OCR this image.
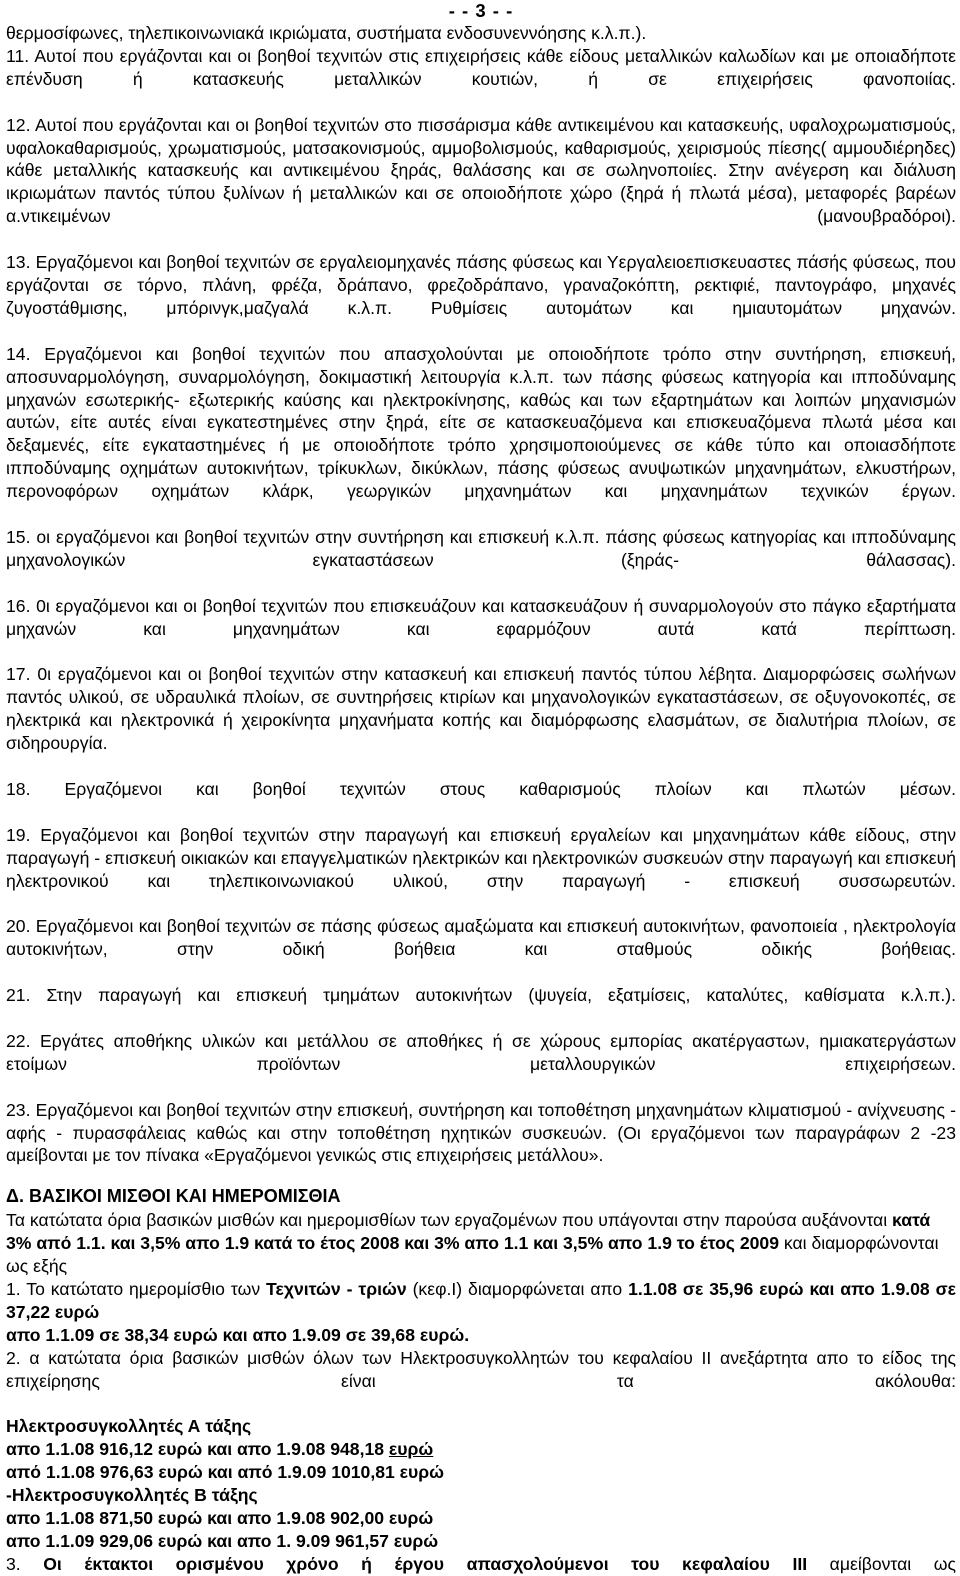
- - 3 - -

θερμοσίφωνες, τηλεπικοινωνιακά ικριώματα, συστήματα ενδοσυνεννόησης κ.λ.π.).

11. Αυτοί που εργάζονται και οι βοηθοί τεχνιτών στις επιχειρήσεις κάθε είδους μεταλλικών καλωδίων και με οποιαδήποτε επένδυση ή κατασκευής μεταλλικών κουτιών, ή σε επιχειρήσεις φανοποιίας.

12. Αυτοί που εργάζονται και οι βοηθοί τεχνιτών στο πισσάρισμα κάθε αντικειμένου και κατασκευής, υφαλοχρωματισμούς, υφαλοκαθαρισμούς, χρωματισμούς, ματσακονισμούς, αμμοβολισμούς, καθαρισμούς, χειρισμούς πίεσης( αμμουδιέρηδες) κάθε μεταλλικής κατασκευής και αντικειμένου ξηράς, θαλάσσης και σε σωληνοποιίες. Στην ανέγερση και διάλυση ικριωμάτων παντός τύπου ξυλίνων ή μεταλλικών και σε οποιοδήποτε χώρο (ξηρά ή πλωτά μέσα), μεταφορές βαρέων α.ντικειμένων (μανουβραδόροι).

13. Εργαζόμενοι και βοηθοί τεχνιτών σε εργαλειομηχανές πάσης φύσεως και Υεργαλειοεπισκευαστες πάσής φύσεως, που εργάζονται σε τόρνο, πλάνη, φρέζα, δράπανο, φρεζοδράπανο, γραναζοκόπτη, ρεκτιφιέ, παντογράφο, μηχανές ζυγοστάθμισης, μπόρινγκ,μαζγαλά κ.λ.π. Ρυθμίσεις αυτομάτων και ημιαυτομάτων μηχανών.

14. Εργαζόμενοι και βοηθοί τεχνιτών που απασχολούνται με οποιοδήποτε τρόπο στην συντήρηση, επισκευή, αποσυναρμολόγηση, συναρμολόγηση, δοκιμαστική λειτουργία κ.λ.π. των πάσης φύσεως κατηγορία και ιπποδύναμης μηχανών εσωτερικής- εξωτερικής καύσης και ηλεκτροκίνησης, καθώς και των εξαρτημάτων και λοιπών μηχανισμών αυτών, είτε αυτές είναι εγκατεστημένες στην ξηρά, είτε σε κατασκευαζόμενα και επισκευαζόμενα πλωτά μέσα και δεξαμενές, είτε εγκαταστημένες ή με οποιοδήποτε τρόπο χρησιμοποιούμενες σε κάθε τύπο και οποιασδήποτε ιπποδύναμης οχημάτων αυτοκινήτων, τρίκυκλων, δικύκλων, πάσης φύσεως ανυψωτικών μηχανημάτων, ελκυστήρων, περονοφόρων οχημάτων κλάρκ, γεωργικών μηχανημάτων και μηχανημάτων τεχνικών έργων.

15. οι εργαζόμενοι και βοηθοί τεχνιτών στην συντήρηση και επισκευή κ.λ.π. πάσης φύσεως κατηγορίας και ιπποδύναμης μηχανολογικών εγκαταστάσεων (ξηράς- θάλασσας).

16. 0ι εργαζόμενοι και οι βοηθοί τεχνιτών που επισκευάζουν και κατασκευάζουν ή συναρμολογούν στο πάγκο εξαρτήματα μηχανών και μηχανημάτων και εφαρμόζουν αυτά κατά περίπτωση.

17. 0ι εργαζόμενοι και οι βοηθοί τεχνιτών στην κατασκευή και επισκευή παντός τύπου λέβητα. Διαμορφώσεις σωλήνων παντός υλικού, σε υδραυλικά πλοίων, σε συντηρήσεις κτιρίων και μηχανολογικών εγκαταστάσεων, σε οξυγονοκοπές, σε ηλεκτρικά και ηλεκτρονικά ή χειροκίνητα μηχανήματα κοπής και διαμόρφωσης ελασμάτων, σε διαλυτήρια πλοίων, σε σιδηρουργία.

18. Εργαζόμενοι και βοηθοί τεχνιτών στους καθαρισμούς πλοίων και πλωτών μέσων.

19. Εργαζόμενοι και βοηθοί τεχνιτών στην παραγωγή και επισκευή εργαλείων και μηχανημάτων κάθε είδους, στην παραγωγή - επισκευή οικιακών και επαγγελματικών ηλεκτρικών και ηλεκτρονικών συσκευών στην παραγωγή και επισκευή ηλεκτρονικού και τηλεπικοινωνιακού υλικού, στην παραγωγή - επισκευή συσσωρευτών.

20. Εργαζόμενοι και βοηθοί τεχνιτών σε πάσης φύσεως αμαξώματα και επισκευή αυτοκινήτων, φανοποιεία , ηλεκτρολογία αυτοκινήτων, στην οδική βοήθεια και σταθμούς οδικής βοήθειας.

21. Στην παραγωγή και επισκευή τμημάτων αυτοκινήτων (ψυγεία, εξατμίσεις, καταλύτες, καθίσματα κ.λ.π.).

22. Εργάτες αποθήκης υλικών και μετάλλου σε αποθήκες ή σε χώρους εμπορίας ακατέργαστων, ημιακατεργάστων ετοίμων προϊόντων μεταλλουργικών επιχειρήσεων.

23. Εργαζόμενοι και βοηθοί τεχνιτών στην επισκευή, συντήρηση και τοποθέτηση μηχανημάτων κλιματισμού - ανίχνευσης - αφής - πυρασφάλειας καθώς και στην τοποθέτηση ηχητικών συσκευών. (Οι εργαζόμενοι των παραγράφων 2 -23 αμείβονται με τον πίνακα «Εργαζόμενοι γενικώς στις επιχειρήσεις μετάλλου».

Δ. ΒΑΣΙΚΟΙ ΜΙΣΘΟΙ ΚΑΙ ΗΜΕΡΟΜΙΣΘΙΑ

Τα κατώτατα όρια βασικών μισθών και ημερομισθίων των εργαζομένων που υπάγονται στην παρούσα αυξάνονται κατά 3% από 1.1. και 3,5% απο 1.9 κατά το έτος 2008 και 3% απο 1.1 και 3,5% απο 1.9 το έτος 2009 και διαμορφώνονται ως εξής

1. Το κατώτατο ημερομίσθιο των Τεχνιτών - τριών (κεφ.Ι) διαμορφώνεται απο 1.1.08 σε 35,96 ευρώ και απο 1.9.08 σε 37,22 ευρώ

απο 1.1.09 σε 38,34 ευρώ και απο 1.9.09 σε 39,68 ευρώ.

2. α κατώτατα όρια βασικών μισθών όλων των Ηλεκτροσυγκολλητών του κεφαλαίου ΙΙ ανεξάρτητα απο το είδος της επιχείρησης είναι τα ακόλουθα:

Ηλεκτροσυγκολλητές Α τάξης

απο 1.1.08 916,12 ευρώ και απο 1.9.08 948,18 ευρώ

από 1.1.08 976,63 ευρώ και από 1.9.09 1010,81 ευρώ

-Ηλεκτροσυγκολλητές Β τάξης

απο 1.1.08 871,50 ευρώ και απο 1.9.08 902,00 ευρώ

απο 1.1.09 929,06 ευρώ και απο 1. 9.09 961,57 ευρώ

3. Οι έκτακτοι ορισμένου χρόνο ή έργου απασχολούμενοι του κεφαλαίου ΙΙΙ αμείβονται ως
